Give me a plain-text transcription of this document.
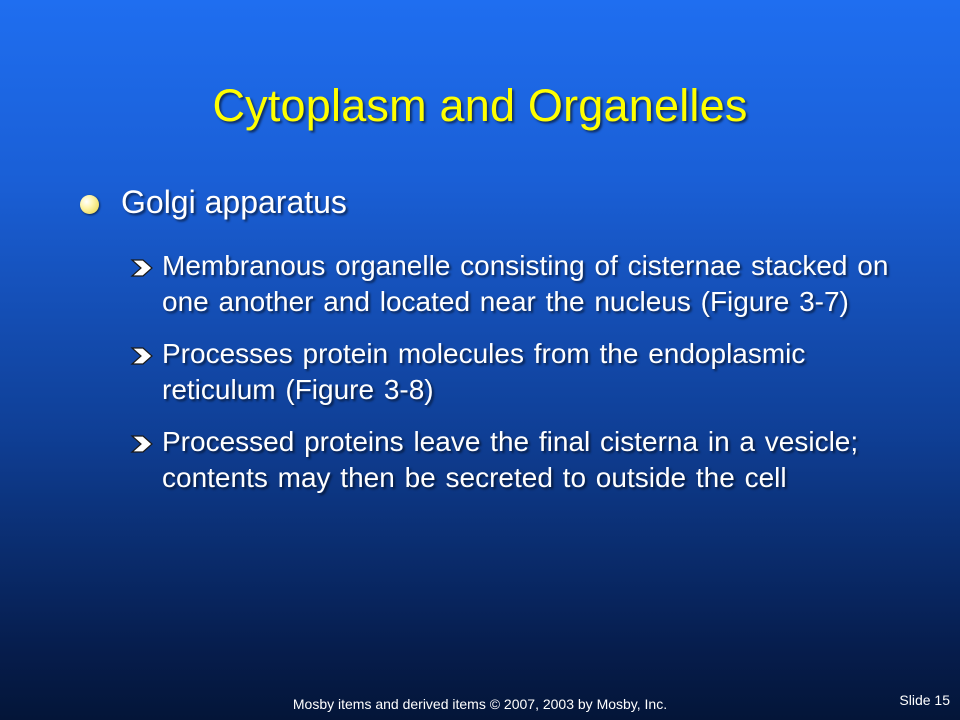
Cytoplasm and Organelles
Golgi apparatus
Membranous organelle consisting of cisternae stacked on one another and located near the nucleus (Figure 3-7)
Processes protein molecules from the endoplasmic reticulum (Figure 3-8)
Processed proteins leave the final cisterna in a vesicle; contents may then be secreted to outside the cell
Mosby items and derived items © 2007, 2003 by Mosby, Inc.	Slide 15
